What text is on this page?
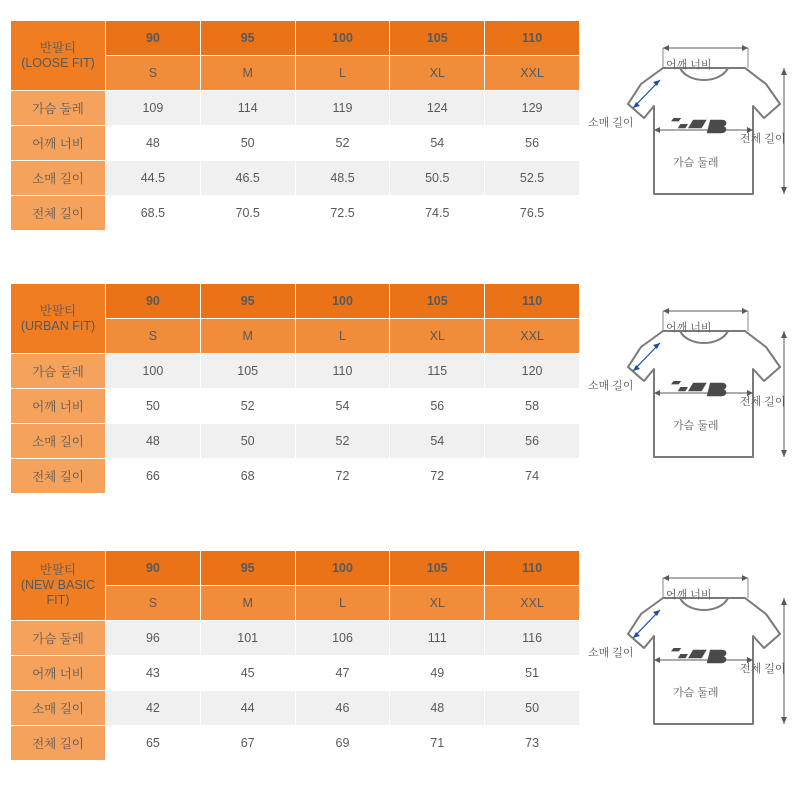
반팔티
(LOOSE FIT)	90	95	100	105	110
	S	M	L	XL	XXL
가슴 둘레	109	114	119	124	129
어깨 너비	48	50	52	54	56
소매 길이	44.5	46.5	48.5	50.5	52.5
전체 길이	68.5	70.5	72.5	74.5	76.5
어깨 너비
소매 길이
가슴 둘레
전체 길이
반팔티
(URBAN FIT)	90	95	100	105	110
	S	M	L	XL	XXL
가슴 둘레	100	105	110	115	120
어깨 너비	50	52	54	56	58
소매 길이	48	50	52	54	56
전체 길이	66	68	72	72	74
어깨 너비
소매 길이
가슴 둘레
전체 길이
반팔티
(NEW BASIC FIT)	90	95	100	105	110
	S	M	L	XL	XXL
가슴 둘레	96	101	106	111	116
어깨 너비	43	45	47	49	51
소매 길이	42	44	46	48	50
전체 길이	65	67	69	71	73
어깨 너비
소매 길이
가슴 둘레
전체 길이
